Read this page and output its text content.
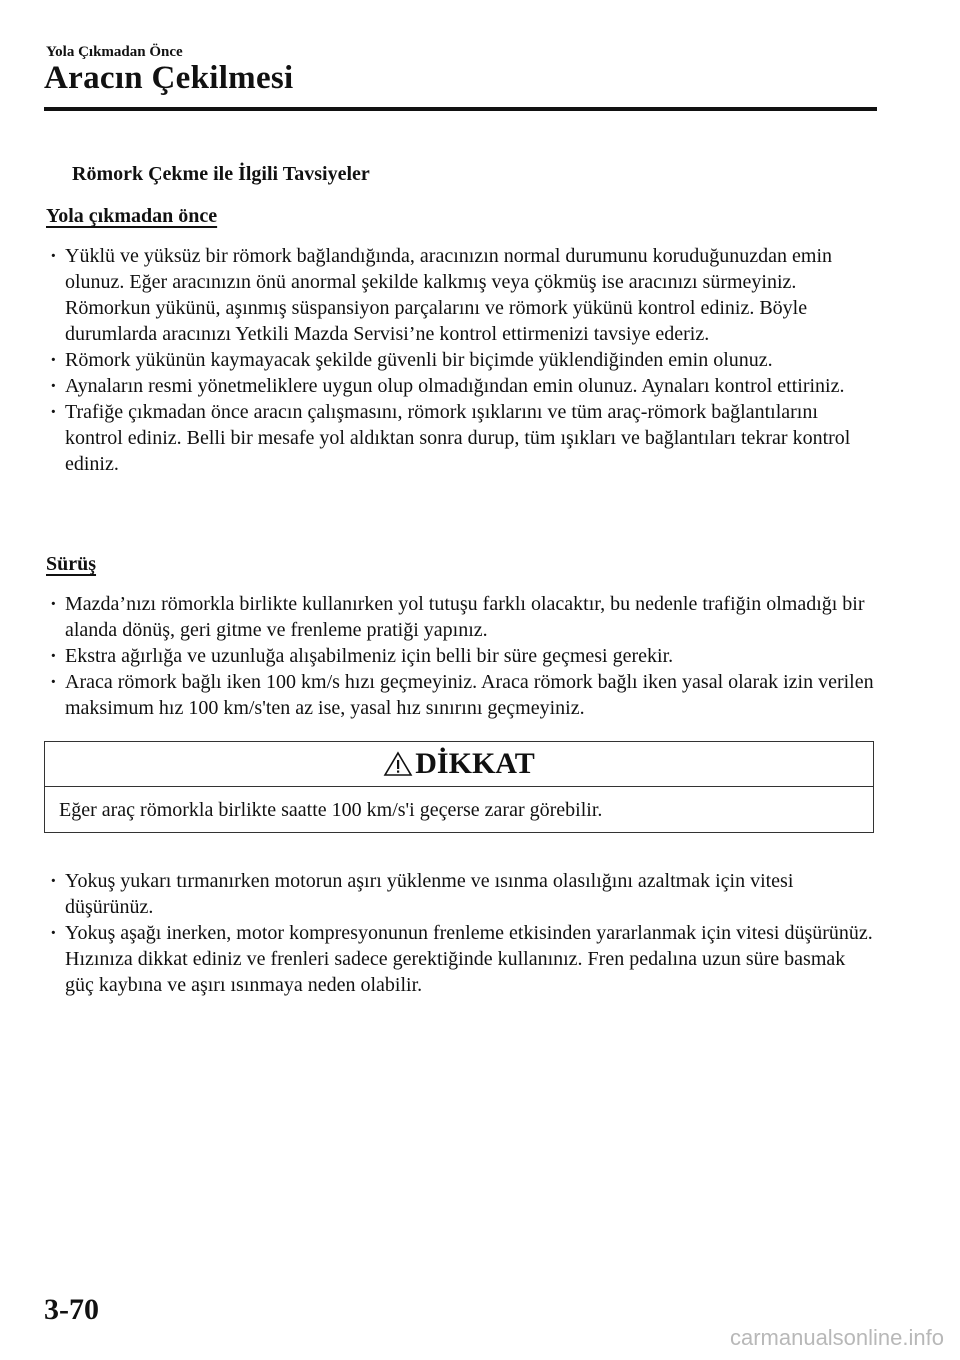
Yola Çıkmadan Önce
Aracın Çekilmesi
Römork Çekme ile İlgili Tavsiyeler
Yola çıkmadan önce
· Yüklü ve yüksüz bir römork bağlandığında, aracınızın normal durumunu koruduğunuzdan emin olunuz. Eğer aracınızın önü anormal şekilde kalkmış veya çökmüş ise aracınızı sürmeyiniz. Römorkun yükünü, aşınmış süspansiyon parçalarını ve römork yükünü kontrol ediniz. Böyle durumlarda aracınızı Yetkili Mazda Servisi’ne kontrol ettirmenizi tavsiye ederiz.
· Römork yükünün kaymayacak şekilde güvenli bir biçimde yüklendiğinden emin olunuz.
· Aynaların resmi yönetmeliklere uygun olup olmadığından emin olunuz. Aynaları kontrol ettiriniz.
· Trafiğe çıkmadan önce aracın çalışmasını, römork ışıklarını ve tüm araç-römork bağlantılarını kontrol ediniz. Belli bir mesafe yol aldıktan sonra durup, tüm ışıkları ve bağlantıları tekrar kontrol ediniz.
Sürüş
· Mazda’nızı römorkla birlikte kullanırken yol tutuşu farklı olacaktır, bu nedenle trafiğin olmadığı bir alanda dönüş, geri gitme ve frenleme pratiği yapınız.
· Ekstra ağırlığa ve uzunluğa alışabilmeniz için belli bir süre geçmesi gerekir.
· Araca römork bağlı iken 100 km/s hızı geçmeyiniz. Araca römork bağlı iken yasal olarak izin verilen maksimum hız 100 km/s'ten az ise, yasal hız sınırını geçmeyiniz.
DİKKAT
Eğer araç römorkla birlikte saatte 100 km/s'i geçerse zarar görebilir.
· Yokuş yukarı tırmanırken motorun aşırı yüklenme ve ısınma olasılığını azaltmak için vitesi düşürünüz.
· Yokuş aşağı inerken, motor kompresyonunun frenleme etkisinden yararlanmak için vitesi düşürünüz. Hızınıza dikkat ediniz ve frenleri sadece gerektiğinde kullanınız. Fren pedalına uzun süre basmak güç kaybına ve aşırı ısınmaya neden olabilir.
3-70
carmanualsonline.info
